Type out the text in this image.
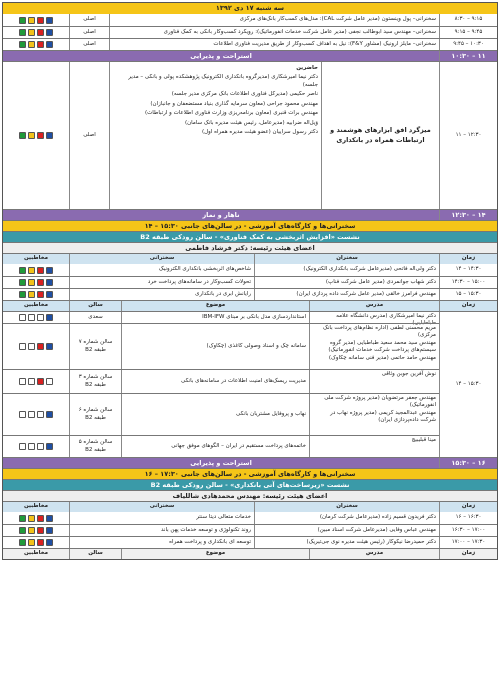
سه شنبه ۱۷ دی ۱۳۹۲
۹:۱۵ – ۸:۳۰
سخنرانی– پول وینستون (مدیر عامل شرکت CAL): مدل‌های کسب‌کار بانک‌های مرکزی
اصلی
۹:۴۵ – ۹:۱۵
سخنرانی– مهندس سید ابوطالب نجفی (مدیر عامل شرکت خدمات انفورماتیک): رویکرد کسب‌وکار بانکی به کمک فناوری
اصلی
۱۰:۳۰ – ۹:۴۵
سخنرانی– مایلز ارونیک (مشاور F&Y): نیل به اهداف کسب‌وکار از طریق مدیریت فناوری اطلاعات
اصلی
۱۱ – ۱۰:۳۰
استراحت و پذیرایی
۱۲:۳۰ – ۱۱
میزگرد افق ابزارهای هوشمند و ارتباطات همراه در بانکداری
حاضرین
دکتر نیما امیرشکاری (مدیرگروه بانکداری الکترونیک پژوهشکده پولی و بانکی – مدیر جلسه)
ناصر حکیمی (مدیرکل فناوری اطلاعات بانک مرکزی مدیر جلسه)
مهندس محمود جراحی (معاون سرمایه گذاری بنیاد مستضعفان و جانبازان)
مهندس برات قنبری (معاون برنامه‌ریزی وزارت فناوری اطلاعات و ارتباطات)
وَیل‌اله ضرابیه (مدیرعامل، رئیس هیئت مدیره بانک سامان)
دکتر رسول سراییان (عضو هیئت مدیره همراه اول)
اصلی
۱۴ – ۱۲:۳۰
ناهار و نماز
سخنرانی‌ها و کارگاه‌های آموزشی - در سالن‌های جانبی ۱۵:۳۰ – ۱۴
نشست «افزایش اثربخشی به کمک فناوری» - سالن رودکی طبقه B2
اعضای هیئت رئیسه: دکتر فرشاد فاطمی
زمان
سخنران
سخنرانی
مخاطبین
۱۴:۳۰ – ۱۴
دکتر ولی‌اله فاتحی (مدیرعامل شرکت بانکداری الکترونیک)
شاخص‌های اثربخشی بانکداری الکترونیک
۱۵:۰۰ – ۱۴:۳۰
دکتر شهاب جوانمردی (مدیر عامل شرکت فناپ)
تحولات کسب‌وکار در سامانه‌های پرداخت خرد
۱۵:۳۰ – ۱۵
مهندس فرامرز خالقی (مدیر عامل شرکت داده پردازی ایران)
رایانش ابری در بانکداری
زمان
مدرس
موضوع
سالن
مخاطبین
۱۵:۳۰ – ۱۴
دکتر نیما امیرشکاری (مدرس دانشگاه علامه طباطبایی)
استانداردسازی مدل بانکی بر مبنای IBM-IFW
سعدی
مریم محسنی لطفی (اداره نظام‌های پرداخت بانک مرکزی)
مهندس سید محمد سعید طباطبایی (مدیر گروه سیستم‌های پرداخت شرکت خدمات انفورماتیک)
مهندس حامد حاتمی (مدیر فنی سامانه چکاوک)
سامانه چک و اسناد وصولی کاغذی (چکاوک)
سالن شماره ۷ طبقه B2
نوش آفرین جوبن وثاقی
مدیریت ریسک‌های امنیت اطلاعات در سامانه‌های بانکی
سالن شماره ۳ طبقه B2
مهندس جعفر مرتضویان (مدیر پروژه شرکت ملی انفورماتیک)
مهندس عبدالمجید کریمی (مدیر پروژه نهاب در شرکت داده‌پردازی ایران)
نهاب و پروفایل مشتریان بانکی
سالن شماره ۶ طبقه B2
مینا قبلیبیج
خاتمه‌های پرداخت مستقیم در ایران – الگوهای موفق جهانی
سالن شماره ۵ طبقه B2
۱۶ – ۱۵:۳۰
استراحت و پذیرایی
سخنرانی‌ها و کارگاه‌های آموزشی - در سالن‌های جانبی ۱۷:۳۰ – ۱۶
نشست «زیرساخت‌های آتی بانکداری» - سالن رودکی طبقه B2
اعضای هیئت رئیسه: مهندس محمدهادی شاللیاف
زمان
سخنران
سخنرانی
مخاطبین
۱۶:۳۰ – ۱۶
دکتر فریدون قسیم زاده (مدیرعامل شرکت کرمان)
خدمات متعالی دیتا سنتر
۱۷:۰۰ – ۱۶:۳۰
مهندس عباس وفایی (مدیرعامل شرکت اسناد مبین)
روند تکنولوژی و توسعه خدمات پهن باند
۱۷:۳۰ – ۱۷:۰۰
دکتر حمیدرضا نیکوکار (رئیس هیئت مدیره نوی جی‌تیریک)
توسعه ای بانکداری و پرداخت همراه
زمان
مدرس
موضوع
سالن
مخاطبین
